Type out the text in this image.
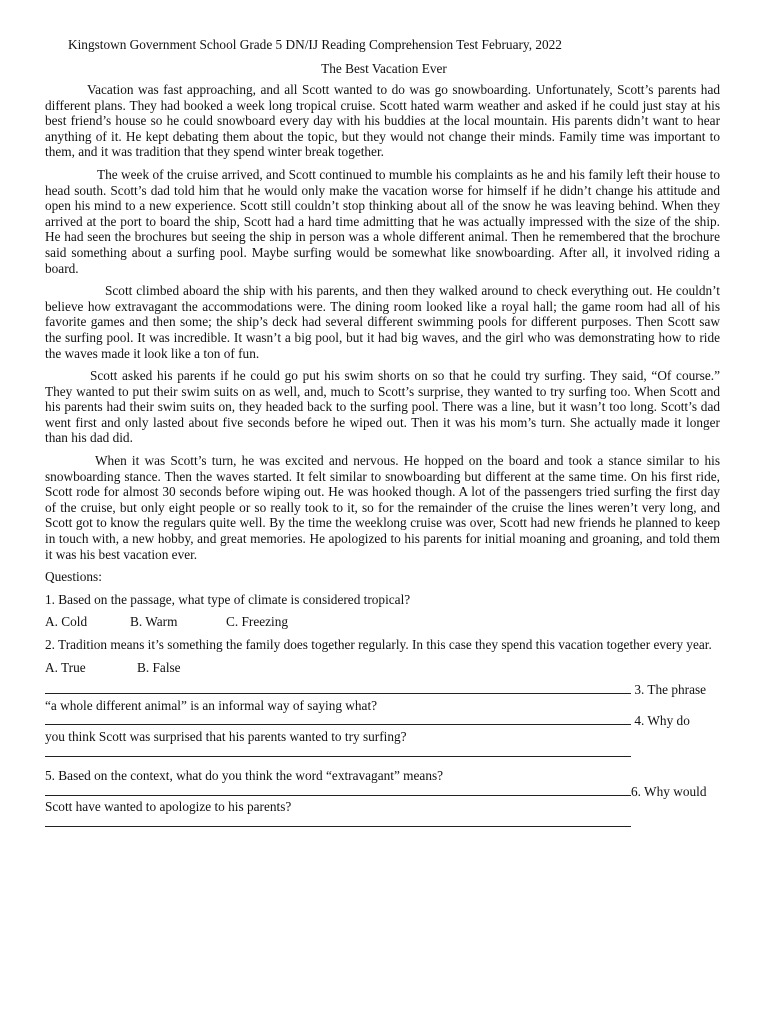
Kingstown Government School Grade 5 DN/IJ Reading Comprehension Test February, 2022
The Best Vacation Ever

Vacation was fast approaching, and all Scott wanted to do was go snowboarding. Unfortunately, Scott’s parents had different plans. They had booked a week long tropical cruise. Scott hated warm weather and asked if he could just stay at his best friend’s house so he could snowboard every day with his buddies at the local mountain. His parents didn’t want to hear anything of it. He kept debating them about the topic, but they would not change their minds. Family time was important to them, and it was tradition that they spend winter break together.

The week of the cruise arrived, and Scott continued to mumble his complaints as he and his family left their house to head south. Scott’s dad told him that he would only make the vacation worse for himself if he didn’t change his attitude and open his mind to a new experience. Scott still couldn’t stop thinking about all of the snow he was leaving behind. When they arrived at the port to board the ship, Scott had a hard time admitting that he was actually impressed with the size of the ship. He had seen the brochures but seeing the ship in person was a whole different animal. Then he remembered that the brochure said something about a surfing pool. Maybe surfing would be somewhat like snowboarding. After all, it involved riding a board.

Scott climbed aboard the ship with his parents, and then they walked around to check everything out. He couldn’t believe how extravagant the accommodations were. The dining room looked like a royal hall; the game room had all of his favorite games and then some; the ship’s deck had several different swimming pools for different purposes. Then Scott saw the surfing pool. It was incredible. It wasn’t a big pool, but it had big waves, and the girl who was demonstrating how to ride the waves made it look like a ton of fun.

Scott asked his parents if he could go put his swim shorts on so that he could try surfing. They said, “Of course.” They wanted to put their swim suits on as well, and, much to Scott’s surprise, they wanted to try surfing too. When Scott and his parents had their swim suits on, they headed back to the surfing pool. There was a line, but it wasn’t too long. Scott’s dad went first and only lasted about five seconds before he wiped out. Then it was his mom’s turn. She actually made it longer than his dad did.

When it was Scott’s turn, he was excited and nervous. He hopped on the board and took a stance similar to his snowboarding stance. Then the waves started. It felt similar to snowboarding but different at the same time. On his first ride, Scott rode for almost 30 seconds before wiping out. He was hooked though. A lot of the passengers tried surfing the first day of the cruise, but only eight people or so really took to it, so for the remainder of the cruise the lines weren’t very long, and Scott got to know the regulars quite well. By the time the weeklong cruise was over, Scott had new friends he planned to keep in touch with, a new hobby, and great memories. He apologized to his parents for initial moaning and groaning, and told them it was his best vacation ever.

Questions:
1. Based on the passage, what type of climate is considered tropical?
A. Cold	B. Warm	C. Freezing
2. Tradition means it’s something the family does together regularly. In this case they spend this vacation together every year.
A. True	B. False
3. The phrase
“a whole different animal” is an informal way of saying what?
4. Why do
you think Scott was surprised that his parents wanted to try surfing?
5. Based on the context, what do you think the word “extravagant” means?
6. Why would
Scott have wanted to apologize to his parents?
